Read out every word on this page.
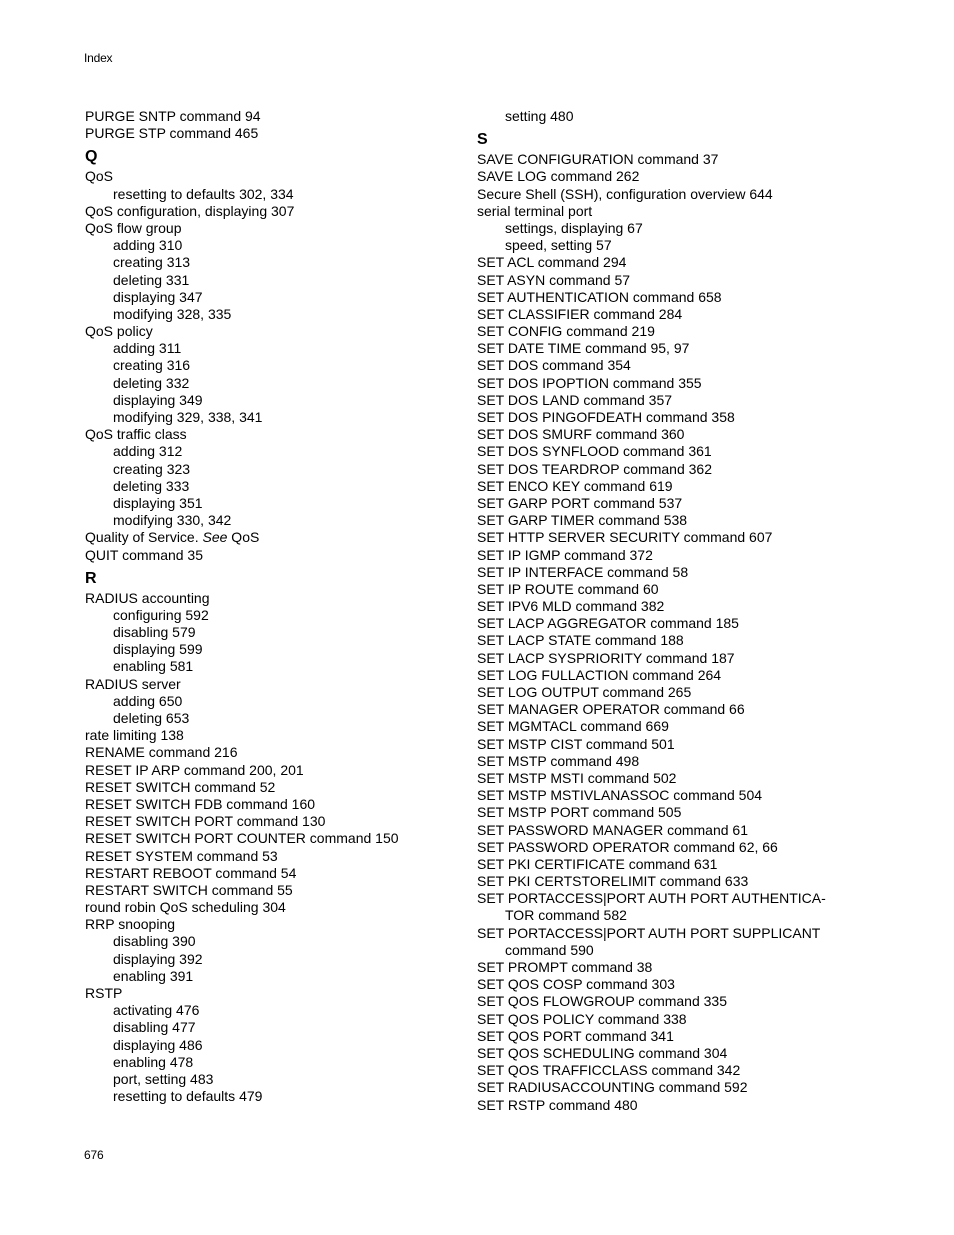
Index
PURGE SNTP command 94
PURGE STP command 465
Q
QoS
resetting to defaults 302, 334
QoS configuration, displaying 307
QoS flow group
adding 310
creating 313
deleting 331
displaying 347
modifying 328, 335
QoS policy
adding 311
creating 316
deleting 332
displaying 349
modifying 329, 338, 341
QoS traffic class
adding 312
creating 323
deleting 333
displaying 351
modifying 330, 342
Quality of Service. See QoS
QUIT command 35
R
RADIUS accounting
configuring 592
disabling 579
displaying 599
enabling 581
RADIUS server
adding 650
deleting 653
rate limiting 138
RENAME command 216
RESET IP ARP command 200, 201
RESET SWITCH command 52
RESET SWITCH FDB command 160
RESET SWITCH PORT command 130
RESET SWITCH PORT COUNTER command 150
RESET SYSTEM command 53
RESTART REBOOT command 54
RESTART SWITCH command 55
round robin QoS scheduling 304
RRP snooping
disabling 390
displaying 392
enabling 391
RSTP
activating 476
disabling 477
displaying 486
enabling 478
port, setting 483
resetting to defaults 479
setting 480
S
SAVE CONFIGURATION command 37
SAVE LOG command 262
Secure Shell (SSH), configuration overview 644
serial terminal port
settings, displaying 67
speed, setting 57
SET ACL command 294
SET ASYN command 57
SET AUTHENTICATION command 658
SET CLASSIFIER command 284
SET CONFIG command 219
SET DATE TIME command 95, 97
SET DOS command 354
SET DOS IPOPTION command 355
SET DOS LAND command 357
SET DOS PINGOFDEATH command 358
SET DOS SMURF command 360
SET DOS SYNFLOOD command 361
SET DOS TEARDROP command 362
SET ENCO KEY command 619
SET GARP PORT command 537
SET GARP TIMER command 538
SET HTTP SERVER SECURITY command 607
SET IP IGMP command 372
SET IP INTERFACE command 58
SET IP ROUTE command 60
SET IPV6 MLD command 382
SET LACP AGGREGATOR command 185
SET LACP STATE command 188
SET LACP SYSPRIORITY command 187
SET LOG FULLACTION command 264
SET LOG OUTPUT command 265
SET MANAGER OPERATOR command 66
SET MGMTACL command 669
SET MSTP CIST command 501
SET MSTP command 498
SET MSTP MSTI command 502
SET MSTP MSTIVLANASSOC command 504
SET MSTP PORT command 505
SET PASSWORD MANAGER command 61
SET PASSWORD OPERATOR command 62, 66
SET PKI CERTIFICATE command 631
SET PKI CERTSTORELIMIT command 633
SET PORTACCESS|PORT AUTH PORT AUTHENTICA-
TOR command 582
SET PORTACCESS|PORT AUTH PORT SUPPLICANT
command 590
SET PROMPT command 38
SET QOS COSP command 303
SET QOS FLOWGROUP command 335
SET QOS POLICY command 338
SET QOS PORT command 341
SET QOS SCHEDULING command 304
SET QOS TRAFFICCLASS command 342
SET RADIUSACCOUNTING command 592
SET RSTP command 480
676
